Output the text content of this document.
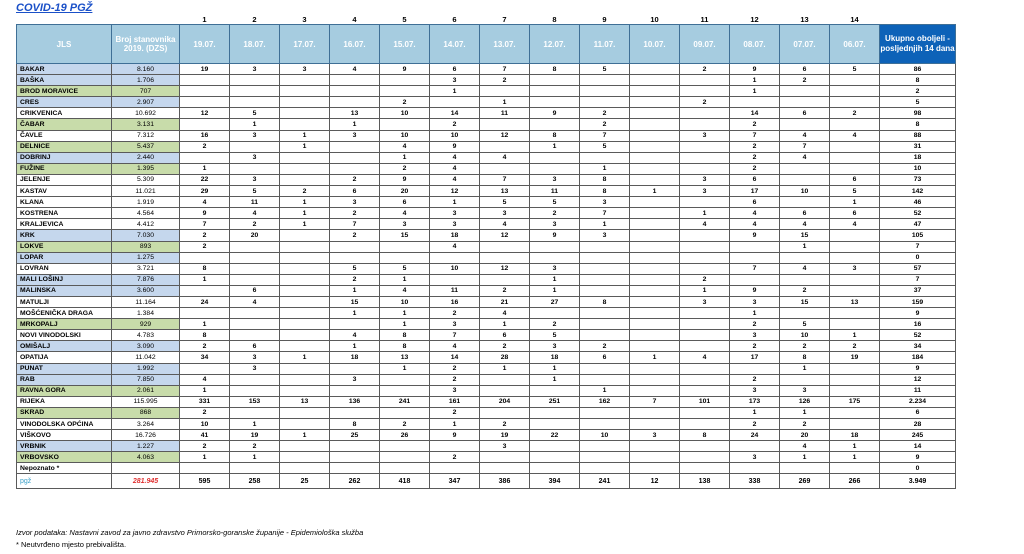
COVID-19 PGŽ
		1	2	3	4	5	6	7	8	9	10	11	12	13	14	
JLS	Broj stanovnika 2019. (DZS)	19.07.	18.07.	17.07.	16.07.	15.07.	14.07.	13.07.	12.07.	11.07.	10.07.	09.07.	08.07.	07.07.	06.07.	Ukupno oboljeli - posljednjih 14 dana
BAKAR	8.160	19	3	3	4	9	6	7	8	5		2	9	6	5	86
BAŠKA	1.706						3	2					1	2		8
BROD MORAVICE	707						1						1			2
CRES	2.907					2		1				2				5
CRIKVENICA	10.692	12	5		13	10	14	11	9	2			14	6	2	98
ČABAR	3.131		1		1		2			2			2			8
ČAVLE	7.312	16	3	1	3	10	10	12	8	7		3	7	4	4	88
DELNICE	5.437	2		1		4	9		1	5			2	7		31
DOBRINJ	2.440		3			1	4	4					2	4		18
FUŽINE	1.395	1				2	4			1			2			10
JELENJE	5.309	22	3		2	9	4	7	3	8		3	6		6	73
KASTAV	11.021	29	5	2	6	20	12	13	11	8	1	3	17	10	5	142
KLANA	1.919	4	11	1	3	6	1	5	5	3			6		1	46
KOSTRENA	4.564	9	4	1	2	4	3	3	2	7		1	4	6	6	52
KRALJEVICA	4.412	7	2	1	7	3	3	4	3	1		4	4	4	4	47
KRK	7.030	2	20		2	15	18	12	9	3			9	15		105
LOKVE	893	2					4							1		7
LOPAR	1.275															0
LOVRAN	3.721	8			5	5	10	12	3				7	4	3	57
MALI LOŠINJ	7.876	1			2	1			1			2				7
MALINSKA	3.600		6		1	4	11	2	1			1	9	2		37
MATULJI	11.164	24	4		15	10	16	21	27	8		3	3	15	13	159
MOŠĆENIČKA DRAGA	1.384				1	1	2	4					1			9
MRKOPALJ	929	1				1	3	1	2				2	5		16
NOVI VINODOLSKI	4.783	8			4	8	7	6	5				3	10	1	52
OMIŠALJ	3.090	2	6		1	8	4	2	3	2			2	2	2	34
OPATIJA	11.042	34	3	1	18	13	14	28	18	6	1	4	17	8	19	184
PUNAT	1.992		3			1	2	1	1					1		9
RAB	7.850	4			3		2		1				2			12
RAVNA GORA	2.061	1					3			1			3	3		11
RIJEKA	115.995	331	153	13	136	241	161	204	251	162	7	101	173	126	175	2.234
SKRAD	868	2					2						1	1		6
VINODOLSKA OPĆINA	3.264	10	1		8	2	1	2					2	2		28
VIŠKOVO	16.726	41	19	1	25	26	9	19	22	10	3	8	24	20	18	245
VRBNIK	1.227	2	2					3						4	1	14
VRBOVSKO	4.063	1	1				2						3	1	1	9
Nepoznato *																0
pgž	281.945	595	258	25	262	418	347	386	394	241	12	138	338	269	266	3.949
Izvor podataka: Nastavni zavod za javno zdravstvo Primorsko-goranske županije - Epidemiološka služba
* Neutvrđeno mjesto prebivališta.
